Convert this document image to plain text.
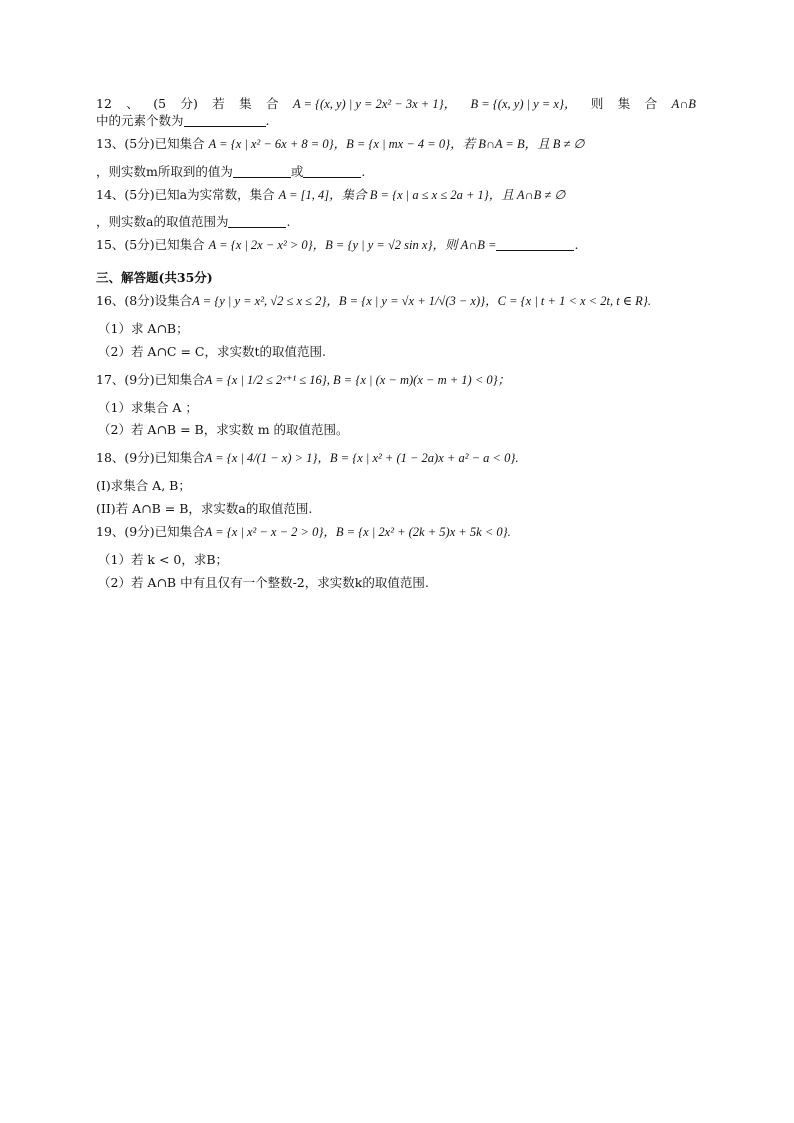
12 、 (5 分) 若 集 合 A = {(x, y) | y = 2x² − 3x + 1}， B = {(x, y) | y = x}， 则 集 合 A∩B
中的元素个数为	.
13、(5分)已知集合 A = {x | x² − 6x + 8 = 0}，B = {x | mx − 4 = 0}，若 B∩A = B，且 B ≠ ∅
，则实数m所取到的值为	或	.
14、(5分)已知a为实常数，集合 A = [1, 4]，集合 B = {x | a ≤ x ≤ 2a + 1}，且 A∩B ≠ ∅
，则实数a的取值范围为	.
15、(5分)已知集合 A = {x | 2x − x² > 0}，B = {y | y = √2 sin x}，则 A∩B =	.
三、解答题(共35分)
16、(8分)设集合A = {y | y = x², √2 ≤ x ≤ 2}，B = {x | y = √x + 1/√(3 − x)}，C = {x | t + 1 < x < 2t, t ∈ R}.
（1）求 A∩B；
（2）若 A∩C = C，求实数t的取值范围.
17、(9分)已知集合A = {x | 1/2 ≤ 2ˣ⁺¹ ≤ 16}, B = {x | (x − m)(x − m + 1) < 0}；
（1）求集合 A ；
（2）若 A∩B = B，求实数 m 的取值范围。
18、(9分)已知集合A = {x | 4/(1 − x) > 1}，B = {x | x² + (1 − 2a)x + a² − a < 0}.
(I)求集合 A, B；
(II)若 A∩B = B，求实数a的取值范围.
19、(9分)已知集合A = {x | x² − x − 2 > 0}，B = {x | 2x² + (2k + 5)x + 5k < 0}.
（1）若 k < 0，求B；
（2）若 A∩B 中有且仅有一个整数-2，求实数k的取值范围.
